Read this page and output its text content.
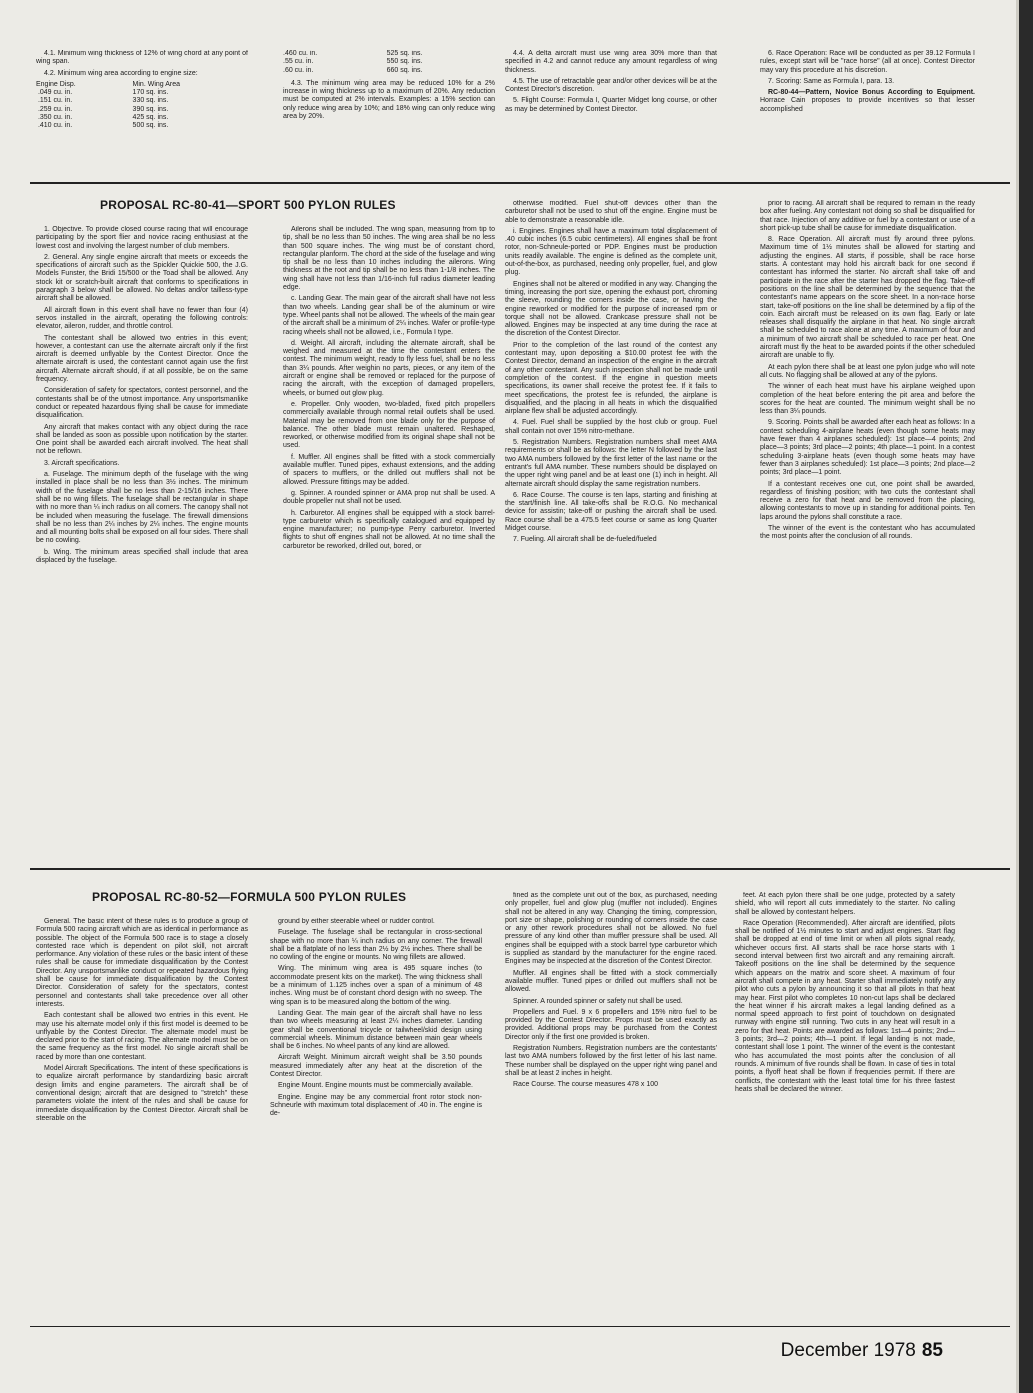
4.1. Minimum wing thickness of 12% of wing chord at any point of wing span.

4.2. Minimum wing area according to engine size:

Engine Disp.	Min. Wing Area
.049 cu. in.	170 sq. ins.
.151 cu. in.	330 sq. ins.
.259 cu. in.	390 sq. ins.
.350 cu. in.	425 sq. ins.
.410 cu. in.	500 sq. ins.
.460 cu. in.	525 sq. ins.
.55 cu. in.	550 sq. ins.
.60 cu. in.	660 sq. ins.

4.3. The minimum wing area may be reduced 10% for a 2% increase in wing thickness up to a maximum of 20%. Any reduction must be computed at 2% intervals. Examples: a 15% section can only reduce wing area by 10%; and 18% wing can only reduce wing area by 20%.

4.4. A delta aircraft must use wing area 30% more than that specified in 4.2 and cannot reduce any amount regardless of wing thickness.

4.5. The use of retractable gear and/or other devices will be at the Contest Director's discretion.

5. Flight Course: Formula I, Quarter Midget long course, or other as may be determined by Contest Director.

6. Race Operation: Race will be conducted as per 39.12 Formula I rules, except start will be "race horse" (all at once). Contest Director may vary this procedure at his discretion.

7. Scoring: Same as Formula I, para. 13.

RC-80-44—Pattern, Novice Bonus According to Equipment. Horrace Cain proposes to provide incentives so that lesser accomplished

PROPOSAL RC-80-41—SPORT 500 PYLON RULES

1. Objective. To provide closed course racing that will encourage participating by the sport flier and novice racing enthusiast at the lowest cost and involving the largest number of club members.

2. General. Any single engine aircraft that meets or exceeds the specifications of aircraft such as the Spickler Quickie 500, the J.G. Models Funster, the Bridi 15/500 or the Toad shall be allowed. Any stock kit or scratch-built aircraft that conforms to specifications in paragraph 3 below shall be allowed. No deltas and/or tailless-type aircraft shall be allowed.

All aircraft flown in this event shall have no fewer than four (4) servos installed in the aircraft, operating the following controls: elevator, aileron, rudder, and throttle control.

The contestant shall be allowed two entries in this event; however, a contestant can use the alternate aircraft only if the first aircraft is deemed unflyable by the Contest Director. Once the alternate aircraft is used, the contestant cannot again use the first aircraft. Alternate aircraft should, if at all possible, be on the same frequency.

Consideration of safety for spectators, contest personnel, and the contestants shall be of the utmost importance. Any unsportsmanlike conduct or repeated hazardous flying shall be cause for immediate disqualification.

Any aircraft that makes contact with any object during the race shall be landed as soon as possible upon notification by the starter. One point shall be awarded each aircraft involved. The heat shall not be reflown.

3. Aircraft specifications.

a. Fuselage. The minimum depth of the fuselage with the wing installed in place shall be no less than 3½ inches. The minimum width of the fuselage shall be no less than 2-15/16 inches. There shall be no wing fillets. The fuselage shall be rectangular in shape with no more than ¼ inch radius on all corners. The canopy shall not be included when measuring the fuselage. The firewall dimensions shall be no less than 2¼ inches by 2¼ inches. The engine mounts and all mounting bolts shall be exposed on all four sides. There shall be no cowling.

b. Wing. The minimum areas specified shall include that area displaced by the fuselage.

Ailerons shall be included. The wing span, measuring from tip to tip, shall be no less than 50 inches. The wing area shall be no less than 500 square inches. The wing must be of constant chord, rectangular planform. The chord at the side of the fuselage and wing tip shall be no less than 10 inches including the ailerons. Wing thickness at the root and tip shall be no less than 1-1/8 inches. The wing shall have not less than 1/16-inch full radius diameter leading edge.

c. Landing Gear. The main gear of the aircraft shall have not less than two wheels. Landing gear shall be of the aluminum or wire type. Wheel pants shall not be allowed. The wheels of the main gear of the aircraft shall be a minimum of 2¼ inches. Wafer or profile-type racing wheels shall not be allowed, i.e., Formula I type.

d. Weight. All aircraft, including the alternate aircraft, shall be weighed and measured at the time the contestant enters the contest. The minimum weight, ready to fly less fuel, shall be no less than 3¼ pounds. After weighin no parts, pieces, or any item of the aircraft or engine shall be removed or replaced for the purpose of racing the aircraft, with the exception of damaged propellers, wheels, or burned out glow plug.

e. Propeller. Only wooden, two-bladed, fixed pitch propellers commercially available through normal retail outlets shall be used. Material may be removed from one blade only for the purpose of balance. The other blade must remain unaltered. Reshaped, reworked, or otherwise modified from its original shape shall not be used.

f. Muffler. All engines shall be fitted with a stock commercially available muffler. Tuned pipes, exhaust extensions, and the adding of spacers to mufflers, or the drilled out mufflers shall not be allowed. Pressure fittings may be added.

g. Spinner. A rounded spinner or AMA prop nut shall be used. A double propeller nut shall not be used.

h. Carburetor. All engines shall be equipped with a stock barrel-type carburetor which is specifically catalogued and equipped by engine manufacturer; no pump-type Perry carburetor. Inverted flights to shut off engines shall not be allowed. At no time shall the carburetor be reworked, drilled out, bored, or

otherwise modified. Fuel shut-off devices other than the carburetor shall not be used to shut off the engine. Engine must be able to demonstrate a reasonable idle.

i. Engines. Engines shall have a maximum total displacement of .40 cubic inches (6.5 cubic centimeters). All engines shall be front rotor, non-Schneule-ported or PDP. Engines must be production units readily available. The engine is defined as the complete unit, out-of-the-box, as purchased, needing only propeller, fuel, and glow plug.

Engines shall not be altered or modified in any way. Changing the timing, increasing the port size, opening the exhaust port, chroming the sleeve, rounding the corners inside the case, or having the engine reworked or modified for the purpose of increased rpm or torque shall not be allowed. Crankcase pressure shall not be allowed. Engines may be inspected at any time during the race at the discretion of the Contest Director.

Prior to the completion of the last round of the contest any contestant may, upon depositing a $10.00 protest fee with the Contest Director, demand an inspection of the engine in the aircraft of any other contestant. Any such inspection shall not be made until completion of the contest. If the engine in question meets specifications, its owner shall receive the protest fee. If it fails to meet specifications, the protest fee is refunded, the airplane is disqualified, and the placing in all heats in which the disqualified airplane flew shall be adjusted accordingly.

4. Fuel. Fuel shall be supplied by the host club or group. Fuel shall contain not over 15% nitro-methane.

5. Registration Numbers. Registration numbers shall meet AMA requirements or shall be as follows: the letter N followed by the last two AMA numbers followed by the first letter of the last name or the entrant's full AMA number. These numbers should be displayed on the upper right wing panel and be at least one (1) inch in height. All alternate aircraft should display the same registration numbers.

6. Race Course. The course is ten laps, starting and finishing at the start/finish line. All take-offs shall be R.O.G. No mechanical device for assistin; take-off or pushing the aircraft shall be used. Race course shall be a 475.5 feet course or same as long Quarter Midget course.

7. Fueling. All aircraft shall be de-fueled/fueled

prior to racing. All aircraft shall be required to remain in the ready box after fueling. Any contestant not doing so shall be disqualified for that race. Injection of any additive or fuel by a contestant or use of a short pick-up tube shall be cause for immediate disqualification.

8. Race Operation. All aircraft must fly around three pylons. Maximum time of 1½ minutes shall be allowed for starting and adjusting the engines. All starts, if possible, shall be race horse starts. A contestant may hold his aircraft back for one second if contestant has informed the starter. No aircraft shall take off and participate in the race after the starter has dropped the flag. Take-off positions on the line shall be determined by the sequence that the contestant's name appears on the score sheet. In a non-race horse start, take-off positions on the line shall be determined by a flip of the coin. Each aircraft must be released on its own flag. Early or late releases shall disqualify the airplane in that heat. No single aircraft shall be scheduled to race alone at any time. A maximum of four and a minimum of two aircraft shall be scheduled to race per heat. One aircraft must fly the heat to be awarded points if the other scheduled aircraft are unable to fly.

At each pylon there shall be at least one pylon judge who will note all cuts. No flagging shall be allowed at any of the pylons.

The winner of each heat must have his airplane weighed upon completion of the heat before entering the pit area and before the scores for the heat are counted. The minimum weight shall be no less than 3¼ pounds.

9. Scoring. Points shall be awarded after each heat as follows: In a contest scheduling 4-airplane heats (even though some heats may have fewer than 4 airplanes scheduled): 1st place—4 points; 2nd place—3 points; 3rd place—2 points; 4th place—1 point. In a contest scheduling 3-airplane heats (even though some heats may have fewer than 3 airplanes scheduled): 1st place—3 points; 2nd place—2 points; 3rd place—1 point.

If a contestant receives one cut, one point shall be awarded, regardless of finishing position; with two cuts the contestant shall receive a zero for that heat and be removed from the placing, allowing contestants to move up in standing for additional points. Ten laps around the pylons shall constitute a race.

The winner of the event is the contestant who has accumulated the most points after the conclusion of all rounds.

PROPOSAL RC-80-52—FORMULA 500 PYLON RULES

General. The basic intent of these rules is to produce a group of Formula 500 racing aircraft which are as identical in performance as possible. The object of the Formula 500 race is to stage a closely contested race which is dependent on pilot skill, not aircraft performance. Any violation of these rules or the basic intent of these rules shall be cause for immediate disqualification by the Contest Director. Any unsportsmanlike conduct or repeated hazardous flying shall be cause for immediate disqualification by the Contest Director. Consideration of safety for the spectators, contest personnel and contestants shall take precedence over all other interests.

Each contestant shall be allowed two entries in this event. He may use his alternate model only if this first model is deemed to be unflyable by the Contest Director. The alternate model must be declared prior to the start of racing. The alternate model must be on the same frequency as the first model. No single aircraft shall be raced by more than one contestant.

Model Aircraft Specifications. The intent of these specifications is to equalize aircraft performance by standardizing basic aircraft design limits and engine parameters. The aircraft shall be of conventional design; aircraft that are designed to "stretch" these parameters violate the intent of the rules and shall be cause for immediate disqualification by the Contest Director. Aircraft shall be steerable on the

ground by either steerable wheel or rudder control.

Fuselage. The fuselage shall be rectangular in cross-sectional shape with no more than ¼ inch radius on any corner. The firewall shall be a flatplate of no less than 2½ by 2½ inches. There shall be no cowling of the engine or mounts. No wing fillets are allowed.

Wing. The minimum wing area is 495 square inches (to accommodate present kits on the market). The wing thickness shall be a minimum of 1.125 inches over a span of a minimum of 48 inches. Wing must be of constant chord design with no sweep. The wing span is to be measured along the bottom of the wing.

Landing Gear. The main gear of the aircraft shall have no less than two wheels measuring at least 2¼ inches diameter. Landing gear shall be conventional tricycle or tailwheel/skid design using commercial wheels. Minimum distance between main gear wheels shall be 6 inches. No wheel pants of any kind are allowed.

Aircraft Weight. Minimum aircraft weight shall be 3.50 pounds measured immediately after any heat at the discretion of the Contest Director.

Engine Mount. Engine mounts must be commercially available.

Engine. Engine may be any commercial front rotor stock non-Schneurle with maximum total displacement of .40 in. The engine is de-

fined as the complete unit out of the box, as purchased, needing only propeller, fuel and glow plug (muffler not included). Engines shall not be altered in any way. Changing the timing, compression, port size or shape, polishing or rounding of corners inside the case or any other rework procedures shall not be allowed. No fuel pressure of any kind other than muffler pressure shall be used. All engines shall be equipped with a stock barrel type carburetor which is supplied as standard by the manufacturer for the engine raced. Engines may be inspected at the discretion of the Contest Director.

Muffler. All engines shall be fitted with a stock commercially available muffler. Tuned pipes or drilled out mufflers shall not be allowed.

Spinner. A rounded spinner or safety nut shall be used.

Propellers and Fuel. 9 x 6 propellers and 15% nitro fuel to be provided by the Contest Director. Props must be used exactly as provided. Additional props may be purchased from the Contest Director only if the first one provided is broken.

Registration Numbers. Registration numbers are the contestants' last two AMA numbers followed by the first letter of his last name. These number shall be displayed on the upper right wing panel and shall be at least 2 inches in height.

Race Course. The course measures 478 x 100

feet. At each pylon there shall be one judge, protected by a safety shield, who will report all cuts immediately to the starter. No calling shall be allowed by contestant helpers.

Race Operation (Recommended). After aircraft are identified, pilots shall be notified of 1½ minutes to start and adjust engines. Start flag shall be dropped at end of time limit or when all pilots signal ready, whichever occurs first. All starts shall be race horse starts with 1 second interval between first two aircraft and any remaining aircraft. Takeoff positions on the line shall be determined by the sequence which appears on the matrix and score sheet. A maximum of four aircraft shall compete in any heat. Starter shall immediately notify any pilot who cuts a pylon by announcing it so that all pilots in that heat may hear. First pilot who completes 10 non-cut laps shall be declared the heat winner if his aircraft makes a legal landing defined as a normal speed approach to first point of touchdown on designated runway with engine still running. Two cuts in any heat will result in a zero for that heat. Points are awarded as follows: 1st—4 points; 2nd—3 points; 3rd—2 points; 4th—1 point. If legal landing is not made, contestant shall lose 1 point. The winner of the event is the contestant who has accumulated the most points after the conclusion of all rounds. A minimum of five rounds shall be flown. In case of ties in total points, a flyoff heat shall be flown if frequencies permit. If there are conflicts, the contestant with the least total time for his three fastest heats shall be declared the winner.

December 1978 85
